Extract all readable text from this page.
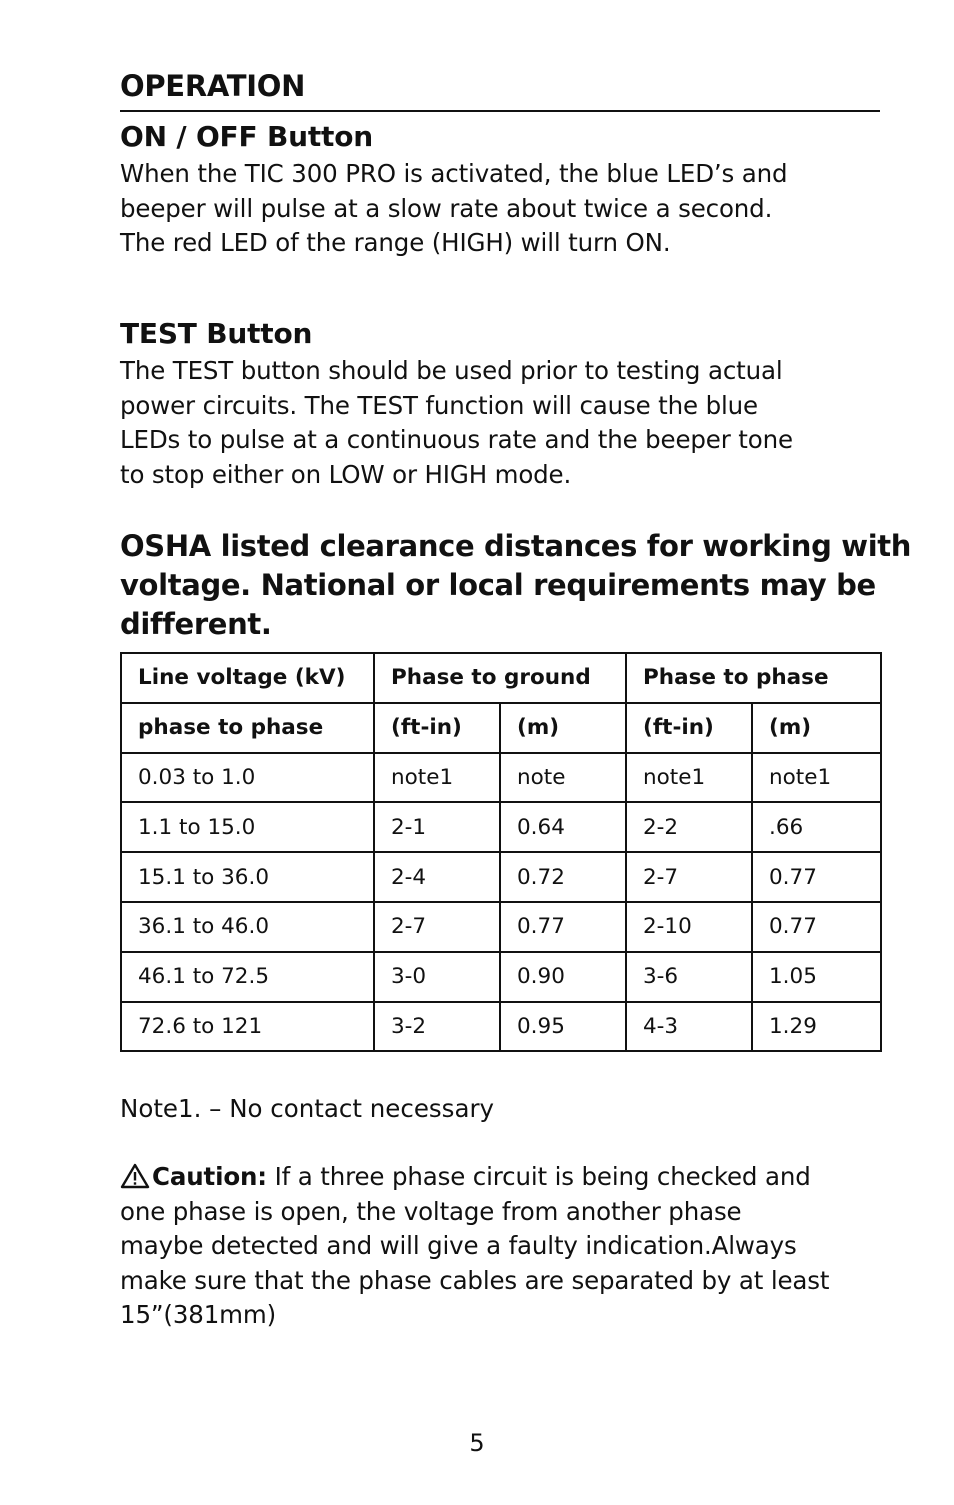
OPERATION
ON / OFF Button
When the TIC 300 PRO is activated, the blue LED’s and
beeper will pulse at a slow rate about twice a second.
The red LED of the range (HIGH) will turn ON.
TEST Button
The TEST button should be used prior to testing actual
power circuits. The TEST function will cause the blue
LEDs to pulse at a continuous rate and the beeper tone
to stop either on LOW or HIGH mode.
OSHA listed clearance distances for working with
voltage. National or local requirements may be
different.
Line voltage (kV)	Phase to ground		Phase to phase	
phase to phase	(ft-in)	(m)	(ft-in)	(m)
0.03 to 1.0	note1	note	note1	note1
1.1 to 15.0	2-1	0.64	2-2	.66
15.1 to 36.0	2-4	0.72	2-7	0.77
36.1 to 46.0	2-7	0.77	2-10	0.77
46.1 to 72.5	3-0	0.90	3-6	1.05
72.6 to 121	3-2	0.95	4-3	1.29
Note1. – No contact necessary
Caution: If a three phase circuit is being checked and
one phase is open, the voltage from another phase
maybe detected and will give a faulty indication.Always
make sure that the phase cables are separated by at least
15”(381mm)
5
